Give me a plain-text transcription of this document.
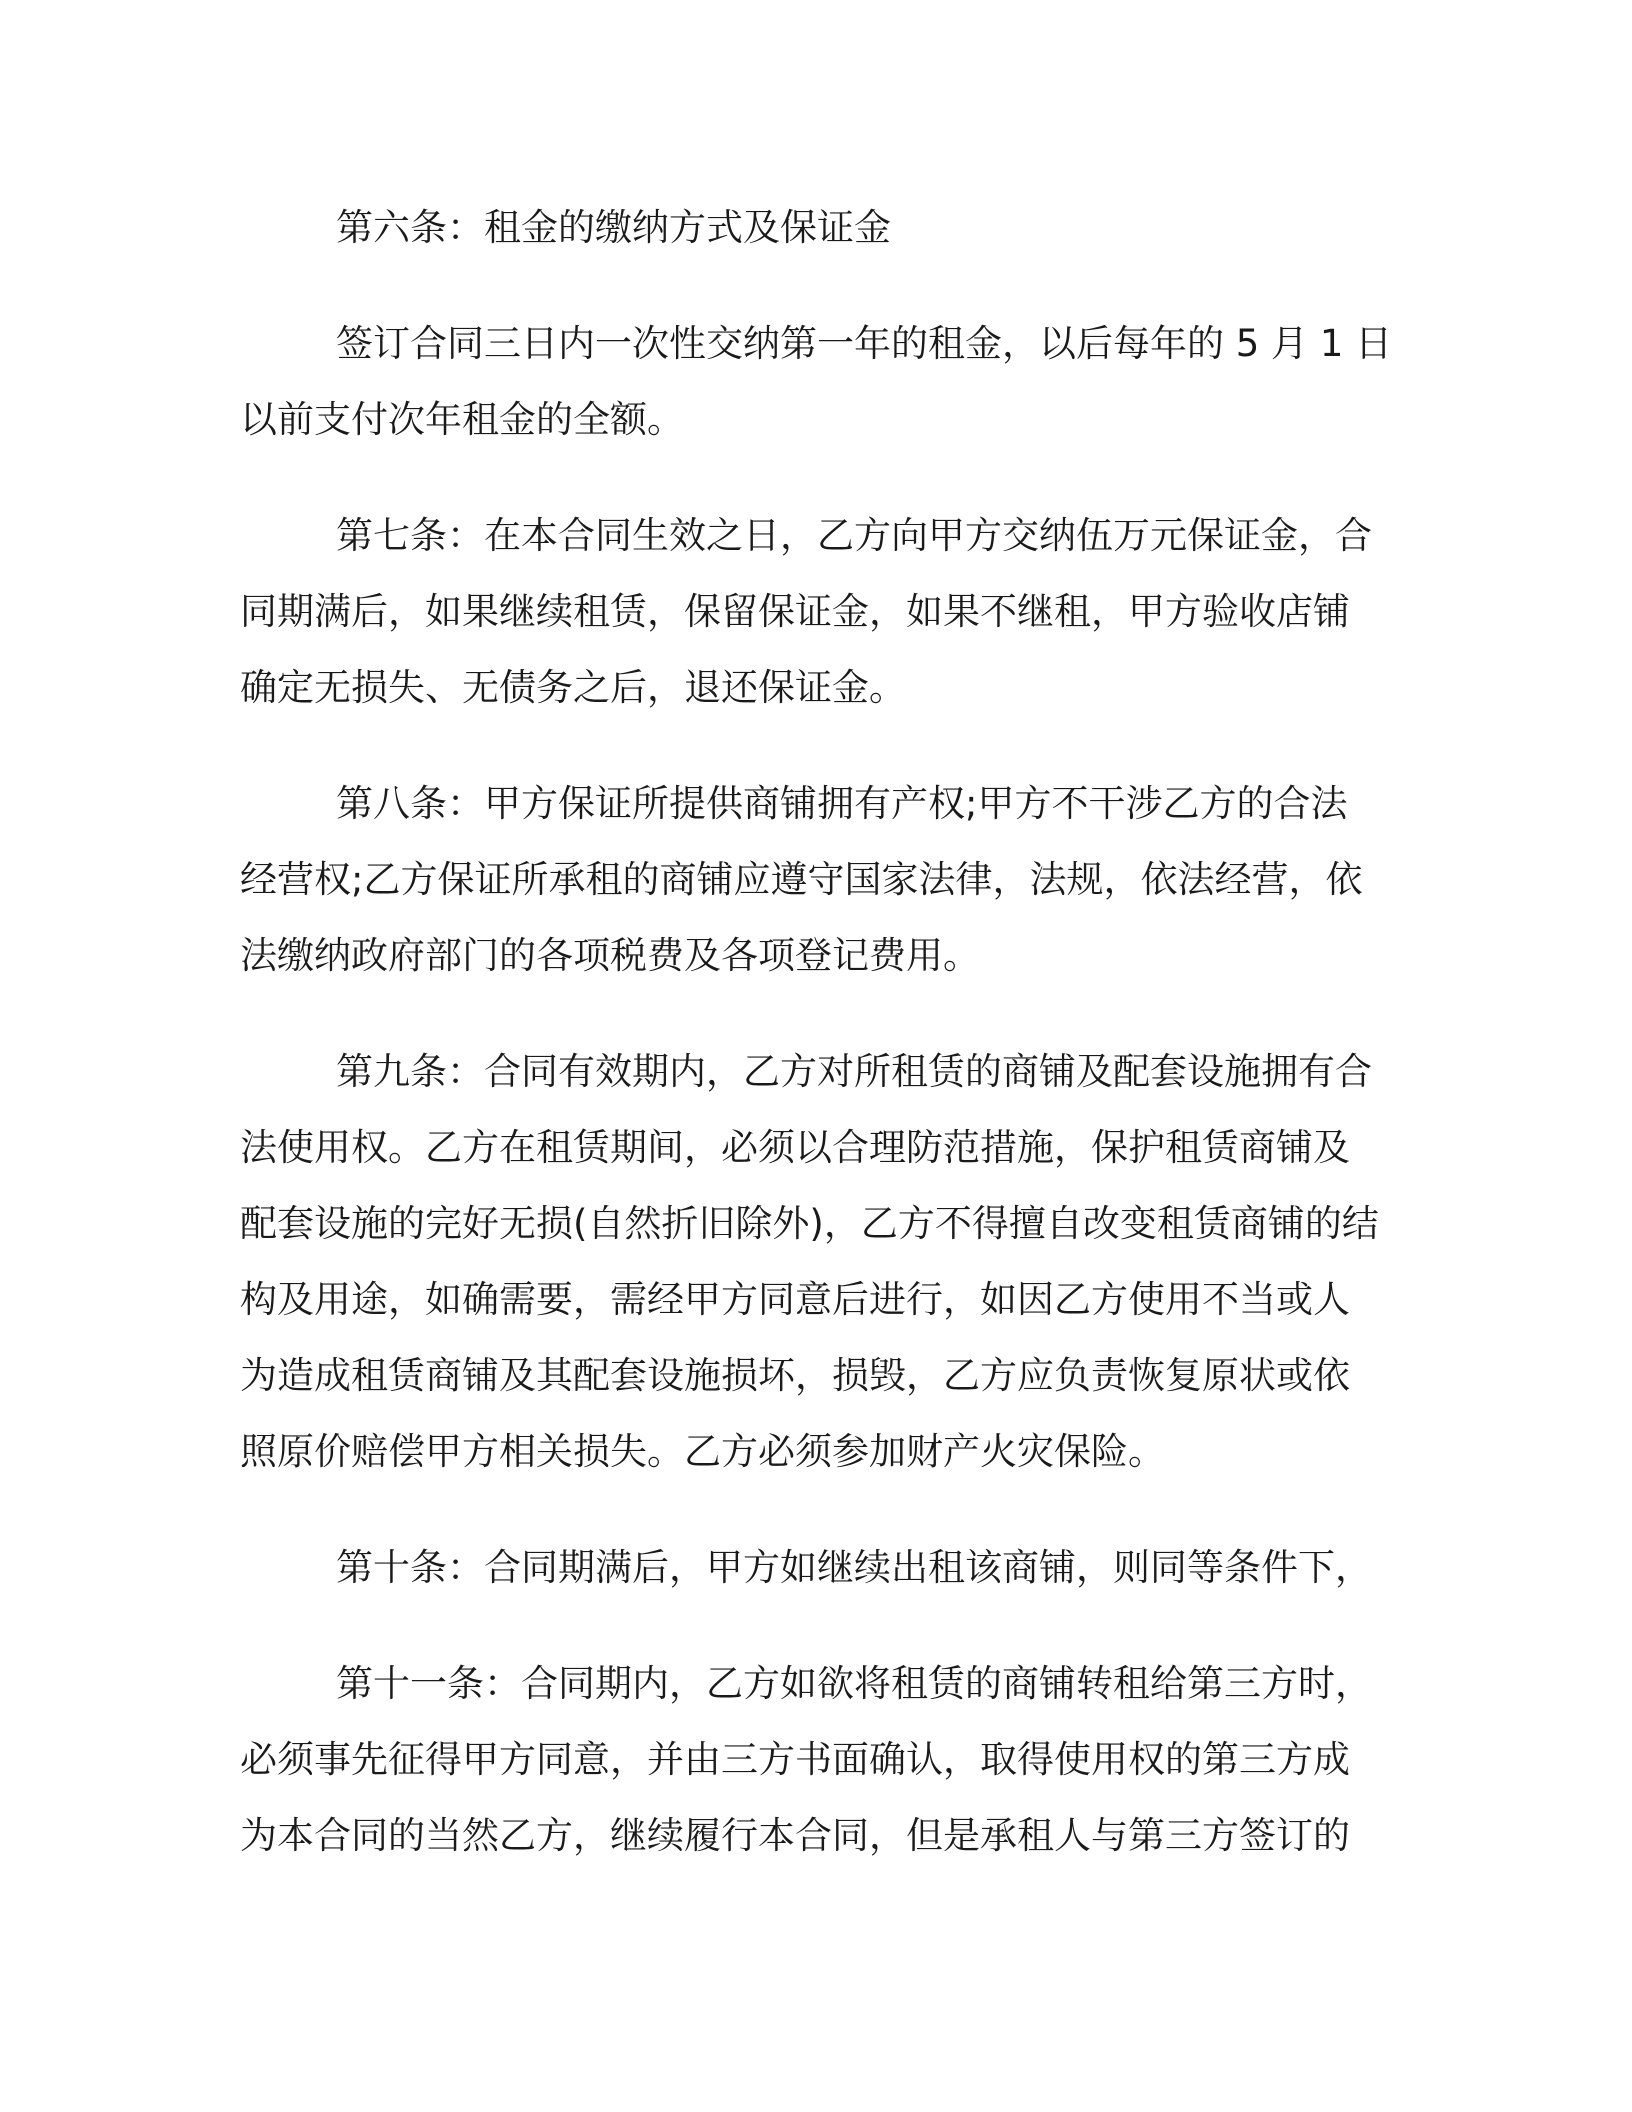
第六条：租金的缴纳方式及保证金

签订合同三日内一次性交纳第一年的租金，以后每年的 5 月 1 日
以前支付次年租金的全额。

第七条：在本合同生效之日，乙方向甲方交纳伍万元保证金，合
同期满后，如果继续租赁，保留保证金，如果不继租，甲方验收店铺
确定无损失、无债务之后，退还保证金。

第八条：甲方保证所提供商铺拥有产权;甲方不干涉乙方的合法
经营权;乙方保证所承租的商铺应遵守国家法律，法规，依法经营，依
法缴纳政府部门的各项税费及各项登记费用。

第九条：合同有效期内，乙方对所租赁的商铺及配套设施拥有合
法使用权。乙方在租赁期间，必须以合理防范措施，保护租赁商铺及
配套设施的完好无损(自然折旧除外)，乙方不得擅自改变租赁商铺的结
构及用途，如确需要，需经甲方同意后进行，如因乙方使用不当或人
为造成租赁商铺及其配套设施损坏，损毁，乙方应负责恢复原状或依
照原价赔偿甲方相关损失。乙方必须参加财产火灾保险。

第十条：合同期满后，甲方如继续出租该商铺，则同等条件下，

第十一条：合同期内，乙方如欲将租赁的商铺转租给第三方时，
必须事先征得甲方同意，并由三方书面确认，取得使用权的第三方成
为本合同的当然乙方，继续履行本合同，但是承租人与第三方签订的
